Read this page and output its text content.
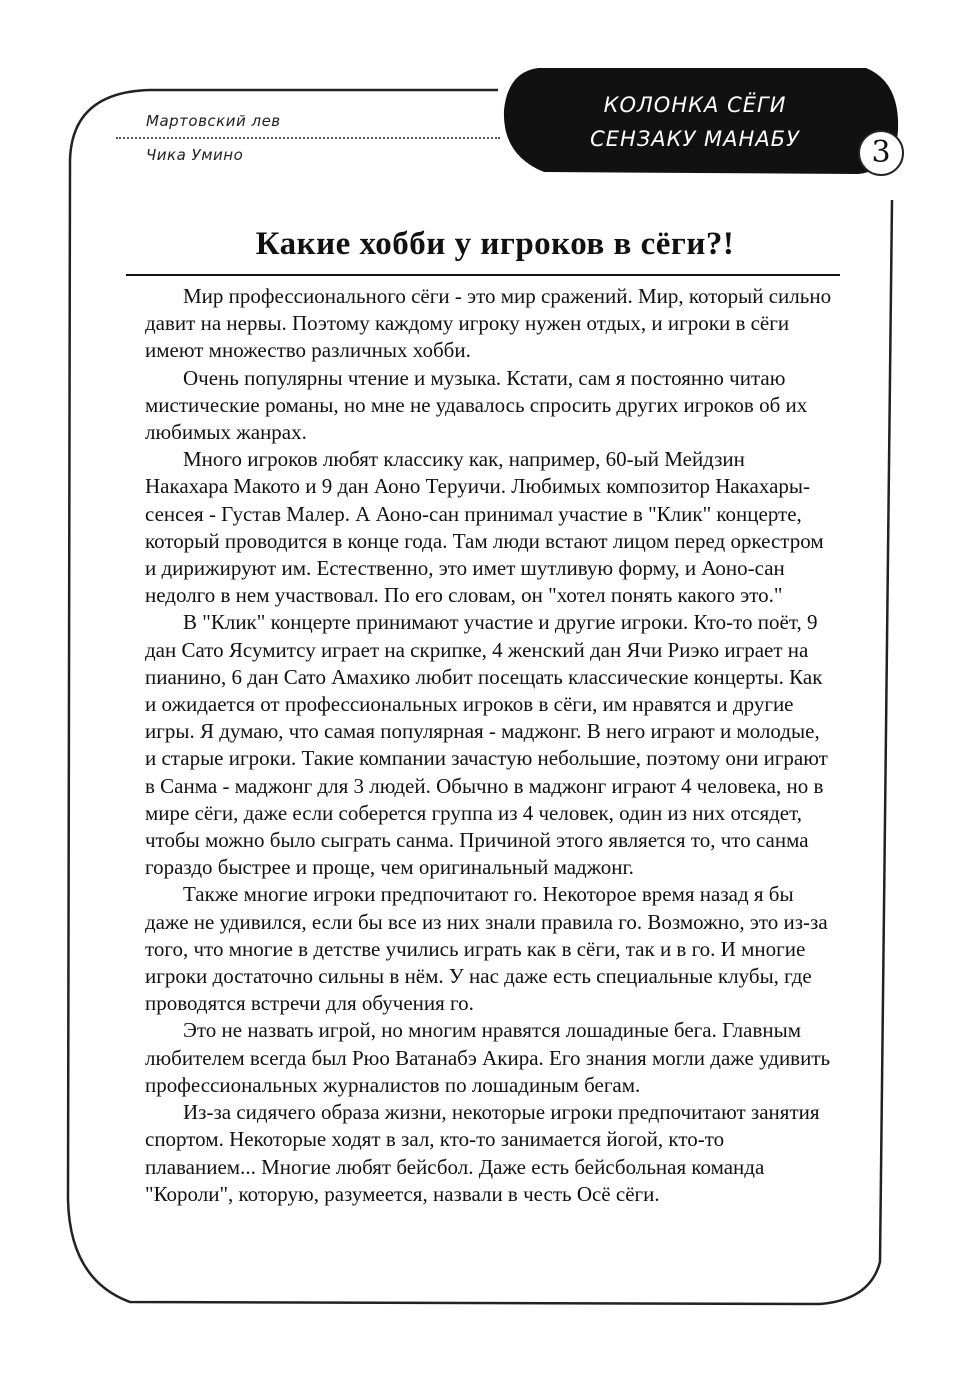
Мартовский лев
Чика Умино
КОЛОНКА СЁГИ
СЕНЗАКУ МАНАБУ	3
Какие хобби у игроков в сёги?!

Мир профессионального сёги - это мир сражений. Мир, который сильно давит на нервы. Поэтому каждому игроку нужен отдых, и игроки в сёги имеют множество различных хобби.

Очень популярны чтение и музыка. Кстати, сам я постоянно читаю мистические романы, но мне не удавалось спросить других игроков об их любимых жанрах.

Много игроков любят классику как, например, 60-ый Мейдзин Накахара Макото и 9 дан Аоно Теруичи. Любимых композитор Накахары-сенсея - Густав Малер. А Аоно-сан принимал участие в "Клик" концерте, который проводится в конце года. Там люди встают лицом перед оркестром и дирижируют им. Естественно, это имет шутливую форму, и Аоно-сан недолго в нем участвовал. По его словам, он "хотел понять какого это."

В "Клик" концерте принимают участие и другие игроки. Кто-то поёт, 9 дан Сато Ясумитсу играет на скрипке, 4 женский дан Ячи Риэко играет на пианино, 6 дан Сато Амахико любит посещать классические концерты. Как и ожидается от профессиональных игроков в сёги, им нравятся и другие игры. Я думаю, что самая популярная - маджонг. В него играют и молодые, и старые игроки. Такие компании зачастую небольшие, поэтому они играют в Санма - маджонг для 3 людей. Обычно в маджонг играют 4 человека, но в мире сёги, даже если соберется группа из 4 человек, один из них отсядет, чтобы можно было сыграть санма. Причиной этого является то, что санма гораздо быстрее и проще, чем оригинальный маджонг.

Также многие игроки предпочитают го. Некоторое время назад я бы даже не удивился, если бы все из них знали правила го. Возможно, это из-за того, что многие в детстве учились играть как в сёги, так и в го. И многие игроки достаточно сильны в нём. У нас даже есть специальные клубы, где проводятся встречи для обучения го.

Это не назвать игрой, но многим нравятся лошадиные бега. Главным любителем всегда был Рюо Ватанабэ Акира. Его знания могли даже удивить профессиональных журналистов по лошадиным бегам.

Из-за сидячего образа жизни, некоторые игроки предпочитают занятия спортом. Некоторые ходят в зал, кто-то занимается йогой, кто-то плаванием... Многие любят бейсбол. Даже есть бейсбольная команда "Короли", которую, разумеется, назвали в честь Осё сёги.
